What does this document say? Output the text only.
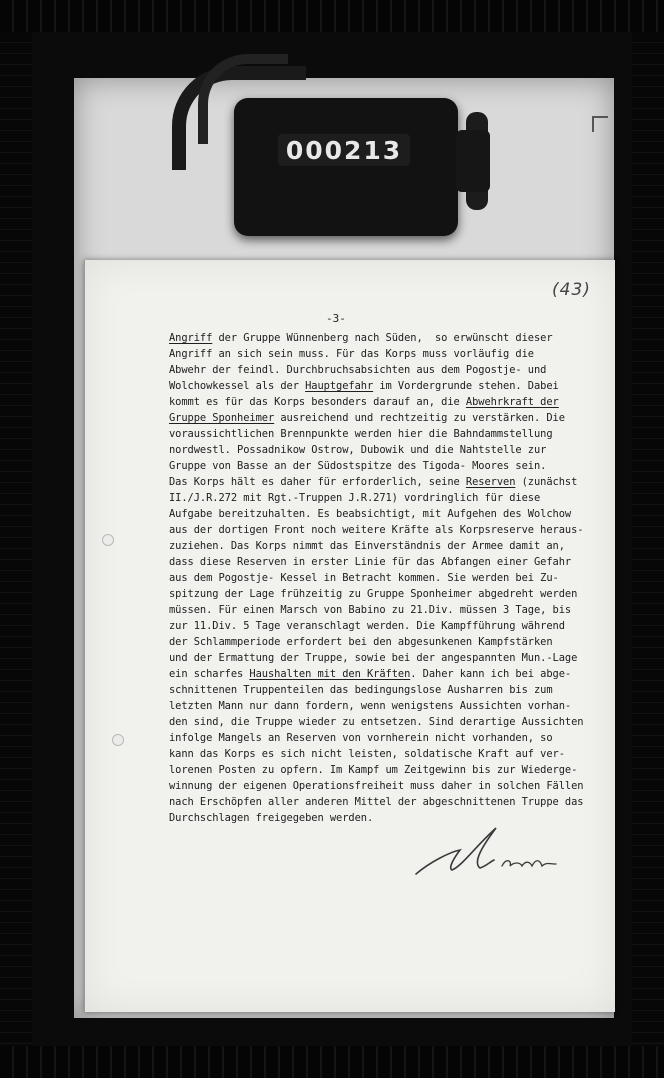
000213
(43)
-3-
Angriff der Gruppe Wünnenberg nach Süden,  so erwünscht dieser
Angriff an sich sein muss. Für das Korps muss vorläufig die
Abwehr der feindl. Durchbruchsabsichten aus dem Pogostje- und
Wolchowkessel als der Hauptgefahr im Vordergrunde stehen. Dabei
kommt es für das Korps besonders darauf an, die Abwehrkraft der
Gruppe Sponheimer ausreichend und rechtzeitig zu verstärken. Die
voraussichtlichen Brennpunkte werden hier die Bahndammstellung
nordwestl. Possadnikow Ostrow, Dubowik und die Nahtstelle zur
Gruppe von Basse an der Südostspitze des Tigoda- Moores sein.
Das Korps hält es daher für erforderlich, seine Reserven (zunächst
II./J.R.272 mit Rgt.-Truppen J.R.271) vordringlich für diese
Aufgabe bereitzuhalten. Es beabsichtigt, mit Aufgehen des Wolchow
aus der dortigen Front noch weitere Kräfte als Korpsreserve heraus-
zuziehen. Das Korps nimmt das Einverständnis der Armee damit an,
dass diese Reserven in erster Linie für das Abfangen einer Gefahr
aus dem Pogostje- Kessel in Betracht kommen. Sie werden bei Zu-
spitzung der Lage frühzeitig zu Gruppe Sponheimer abgedreht werden
müssen. Für einen Marsch von Babino zu 21.Div. müssen 3 Tage, bis
zur 11.Div. 5 Tage veranschlagt werden. Die Kampfführung während
der Schlammperiode erfordert bei den abgesunkenen Kampfstärken
und der Ermattung der Truppe, sowie bei der angespannten Mun.-Lage
ein scharfes Haushalten mit den Kräften. Daher kann ich bei abge-
schnittenen Truppenteilen das bedingungslose Ausharren bis zum
letzten Mann nur dann fordern, wenn wenigstens Aussichten vorhan-
den sind, die Truppe wieder zu entsetzen. Sind derartige Aussichten
infolge Mangels an Reserven von vornherein nicht vorhanden, so
kann das Korps es sich nicht leisten, soldatische Kraft auf ver-
lorenen Posten zu opfern. Im Kampf um Zeitgewinn bis zur Wiederge-
winnung der eigenen Operationsfreiheit muss daher in solchen Fällen
nach Erschöpfen aller anderen Mittel der abgeschnittenen Truppe das
Durchschlagen freigegeben werden.
